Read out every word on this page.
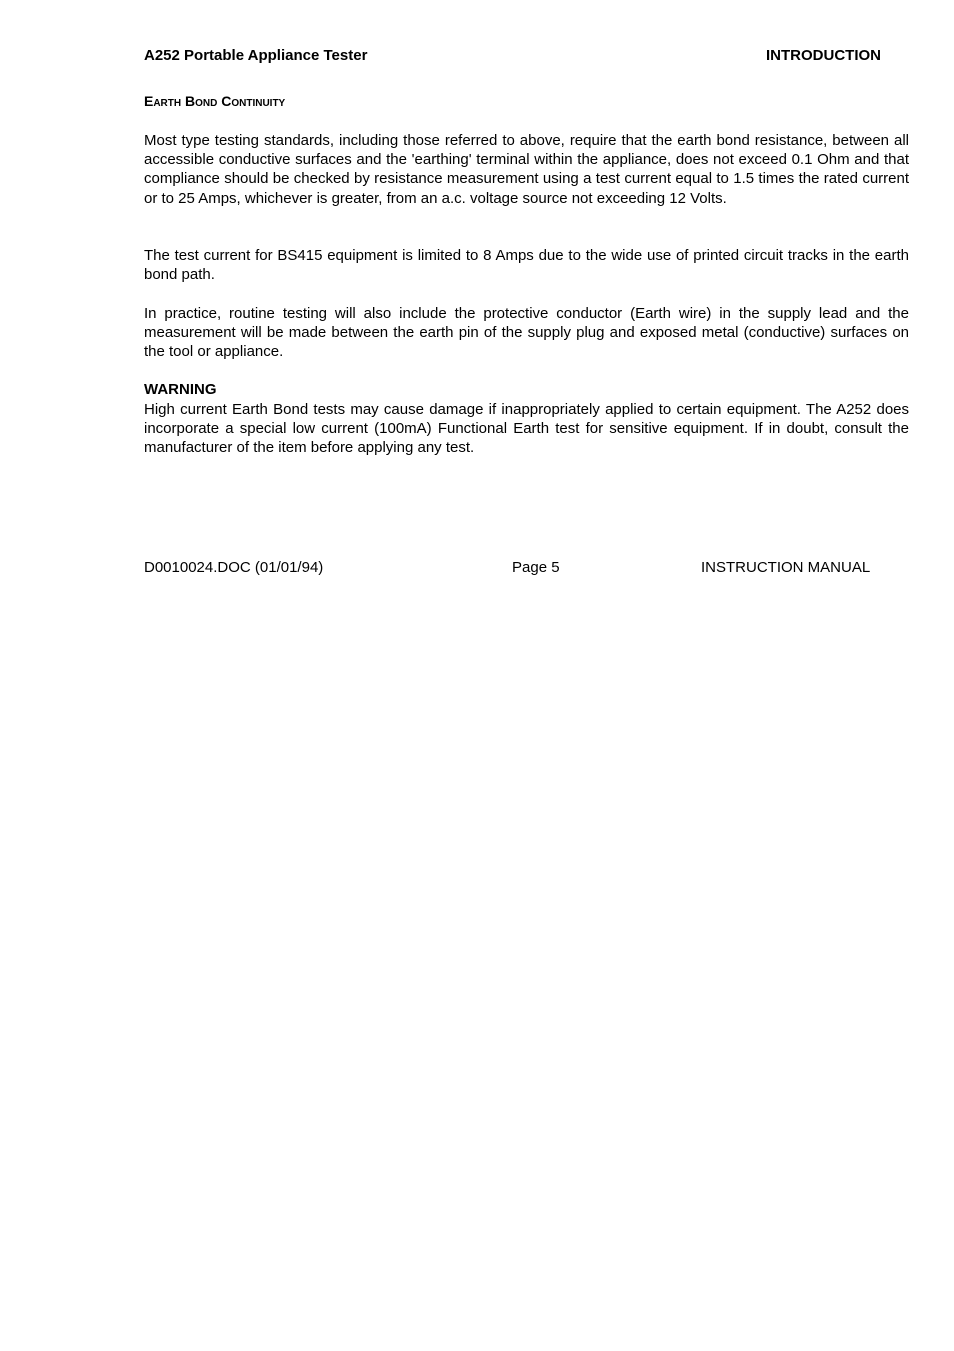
A252 Portable Appliance Tester	INTRODUCTION
Earth Bond Continuity

Most type testing standards, including those referred to above, require that the earth bond resistance, between all accessible conductive surfaces and the 'earthing' terminal within the appliance, does not exceed 0.1 Ohm and that compliance should be checked by resistance measurement using a test current equal to 1.5 times the rated current or to 25 Amps, whichever is greater, from an a.c. voltage source not exceeding 12 Volts.

The test current for BS415 equipment is limited to 8 Amps due to the wide use of printed circuit tracks in the earth bond path.

In practice, routine testing will also include the protective conductor (Earth wire) in the supply lead and the measurement will be made between the earth pin of the supply plug and exposed metal (conductive) surfaces on the tool or appliance.

WARNING

High current Earth Bond tests may cause damage if inappropriately applied to certain equipment. The A252 does incorporate a special low current (100mA) Functional Earth test for sensitive equipment. If in doubt, consult the manufacturer of the item before applying any test.

D0010024.DOC (01/01/94)	Page 5	INSTRUCTION MANUAL
